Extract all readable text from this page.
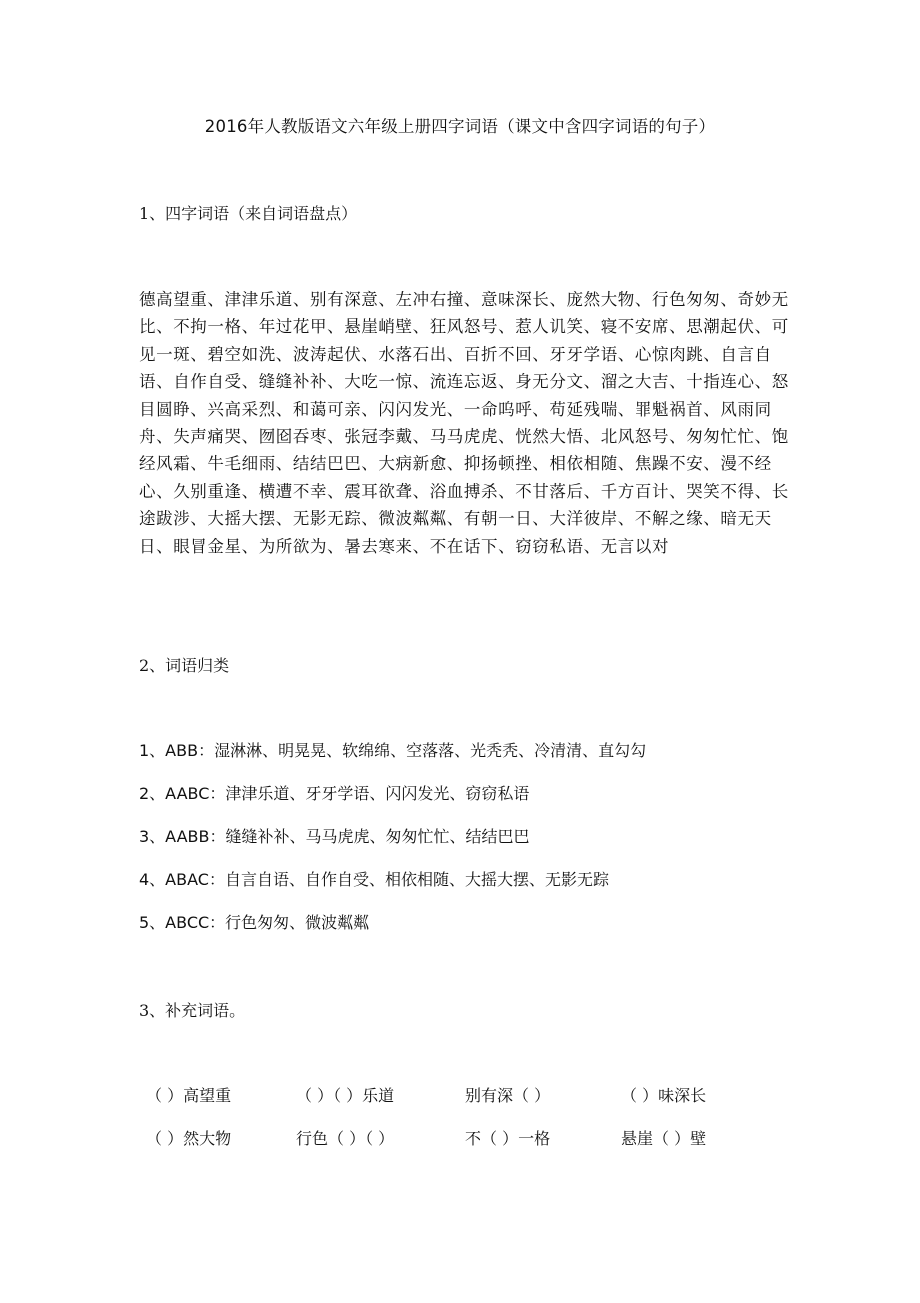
2016年人教版语文六年级上册四字词语（课文中含四字词语的句子）
1、四字词语（来自词语盘点）
德高望重、津津乐道、别有深意、左冲右撞、意味深长、庞然大物、行色匆匆、奇妙无比、不拘一格、年过花甲、悬崖峭壁、狂风怒号、惹人讥笑、寝不安席、思潮起伏、可见一斑、碧空如洗、波涛起伏、水落石出、百折不回、牙牙学语、心惊肉跳、自言自语、自作自受、缝缝补补、大吃一惊、流连忘返、身无分文、溜之大吉、十指连心、怒目圆睁、兴高采烈、和蔼可亲、闪闪发光、一命呜呼、苟延残喘、罪魁祸首、风雨同舟、失声痛哭、囫囵吞枣、张冠李戴、马马虎虎、恍然大悟、北风怒号、匆匆忙忙、饱经风霜、牛毛细雨、结结巴巴、大病新愈、抑扬顿挫、相依相随、焦躁不安、漫不经心、久别重逢、横遭不幸、震耳欲聋、浴血搏杀、不甘落后、千方百计、哭笑不得、长途跋涉、大摇大摆、无影无踪、微波粼粼、有朝一日、大洋彼岸、不解之缘、暗无天日、眼冒金星、为所欲为、暑去寒来、不在话下、窃窃私语、无言以对
2、词语归类
1、ABB：湿淋淋、明晃晃、软绵绵、空落落、光秃秃、冷清清、直勾勾
2、AABC：津津乐道、牙牙学语、闪闪发光、窃窃私语
3、AABB：缝缝补补、马马虎虎、匆匆忙忙、结结巴巴
4、ABAC：自言自语、自作自受、相依相随、大摇大摆、无影无踪
5、ABCC：行色匆匆、微波粼粼
3、补充词语。
（ ）高望重	（ ）（ ）乐道	别有深（ ）	（ ）味深长
（ ）然大物	行色（ ）（ ）	不（ ）一格	悬崖（ ）壁
